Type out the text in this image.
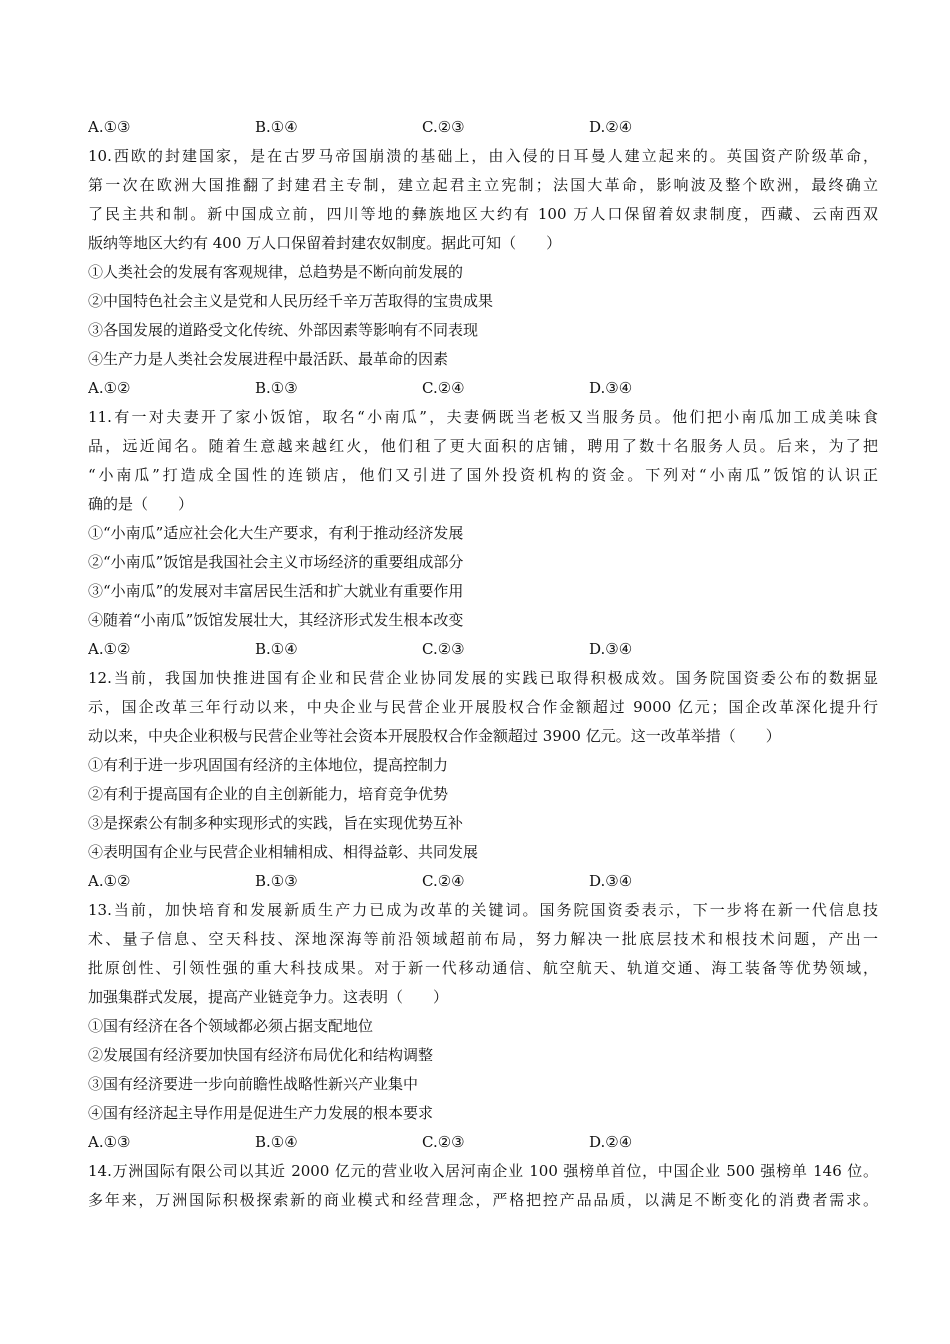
A.①③	B.①④	C.②③	D.②④
10.西欧的封建国家，是在古罗马帝国崩溃的基础上，由入侵的日耳曼人建立起来的。英国资产阶级革命，
第一次在欧洲大国推翻了封建君主专制，建立起君主立宪制；法国大革命，影响波及整个欧洲，最终确立
了民主共和制。新中国成立前，四川等地的彝族地区大约有 100 万人口保留着奴隶制度，西藏、云南西双
版纳等地区大约有 400 万人口保留着封建农奴制度。据此可知（　　）
①人类社会的发展有客观规律，总趋势是不断向前发展的
②中国特色社会主义是党和人民历经千辛万苦取得的宝贵成果
③各国发展的道路受文化传统、外部因素等影响有不同表现
④生产力是人类社会发展进程中最活跃、最革命的因素
A.①②	B.①③	C.②④	D.③④
11.有一对夫妻开了家小饭馆，取名“小南瓜”，夫妻俩既当老板又当服务员。他们把小南瓜加工成美味食
品，远近闻名。随着生意越来越红火，他们租了更大面积的店铺，聘用了数十名服务人员。后来，为了把
“小南瓜”打造成全国性的连锁店，他们又引进了国外投资机构的资金。下列对“小南瓜”饭馆的认识正
确的是（　　）
①“小南瓜”适应社会化大生产要求，有利于推动经济发展
②“小南瓜”饭馆是我国社会主义市场经济的重要组成部分
③“小南瓜”的发展对丰富居民生活和扩大就业有重要作用
④随着“小南瓜”饭馆发展壮大，其经济形式发生根本改变
A.①②	B.①④	C.②③	D.③④
12.当前，我国加快推进国有企业和民营企业协同发展的实践已取得积极成效。国务院国资委公布的数据显
示，国企改革三年行动以来，中央企业与民营企业开展股权合作金额超过 9000 亿元；国企改革深化提升行
动以来，中央企业积极与民营企业等社会资本开展股权合作金额超过 3900 亿元。这一改革举措（　　）
①有利于进一步巩固国有经济的主体地位，提高控制力
②有利于提高国有企业的自主创新能力，培育竞争优势
③是探索公有制多种实现形式的实践，旨在实现优势互补
④表明国有企业与民营企业相辅相成、相得益彰、共同发展
A.①②	B.①③	C.②④	D.③④
13.当前，加快培育和发展新质生产力已成为改革的关键词。国务院国资委表示，下一步将在新一代信息技
术、量子信息、空天科技、深地深海等前沿领域超前布局，努力解决一批底层技术和根技术问题，产出一
批原创性、引领性强的重大科技成果。对于新一代移动通信、航空航天、轨道交通、海工装备等优势领域，
加强集群式发展，提高产业链竞争力。这表明（　　）
①国有经济在各个领域都必须占据支配地位
②发展国有经济要加快国有经济布局优化和结构调整
③国有经济要进一步向前瞻性战略性新兴产业集中
④国有经济起主导作用是促进生产力发展的根本要求
A.①③	B.①④	C.②③	D.②④
14.万洲国际有限公司以其近 2000 亿元的营业收入居河南企业 100 强榜单首位，中国企业 500 强榜单 146 位。
多年来，万洲国际积极探索新的商业模式和经营理念，严格把控产品品质，以满足不断变化的消费者需求。
